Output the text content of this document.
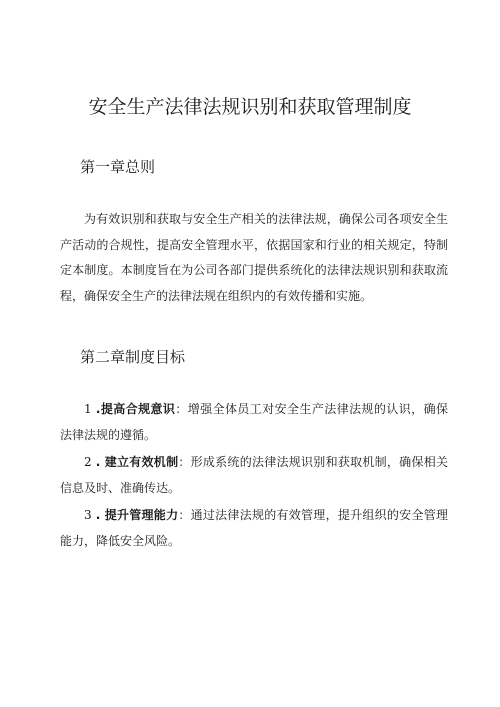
安全生产法律法规识别和获取管理制度
第一章总则

为有效识别和获取与安全生产相关的法律法规，确保公司各项安全生产活动的合规性，提高安全管理水平，依据国家和行业的相关规定，特制定本制度。本制度旨在为公司各部门提供系统化的法律法规识别和获取流程，确保安全生产的法律法规在组织内的有效传播和实施。

第二章制度目标

1 .提高合规意识：增强全体员工对安全生产法律法规的认识，确保法律法规的遵循。

2 . 建立有效机制：形成系统的法律法规识别和获取机制，确保相关信息及时、准确传达。

3 . 提升管理能力：通过法律法规的有效管理，提升组织的安全管理能力，降低安全风险。
